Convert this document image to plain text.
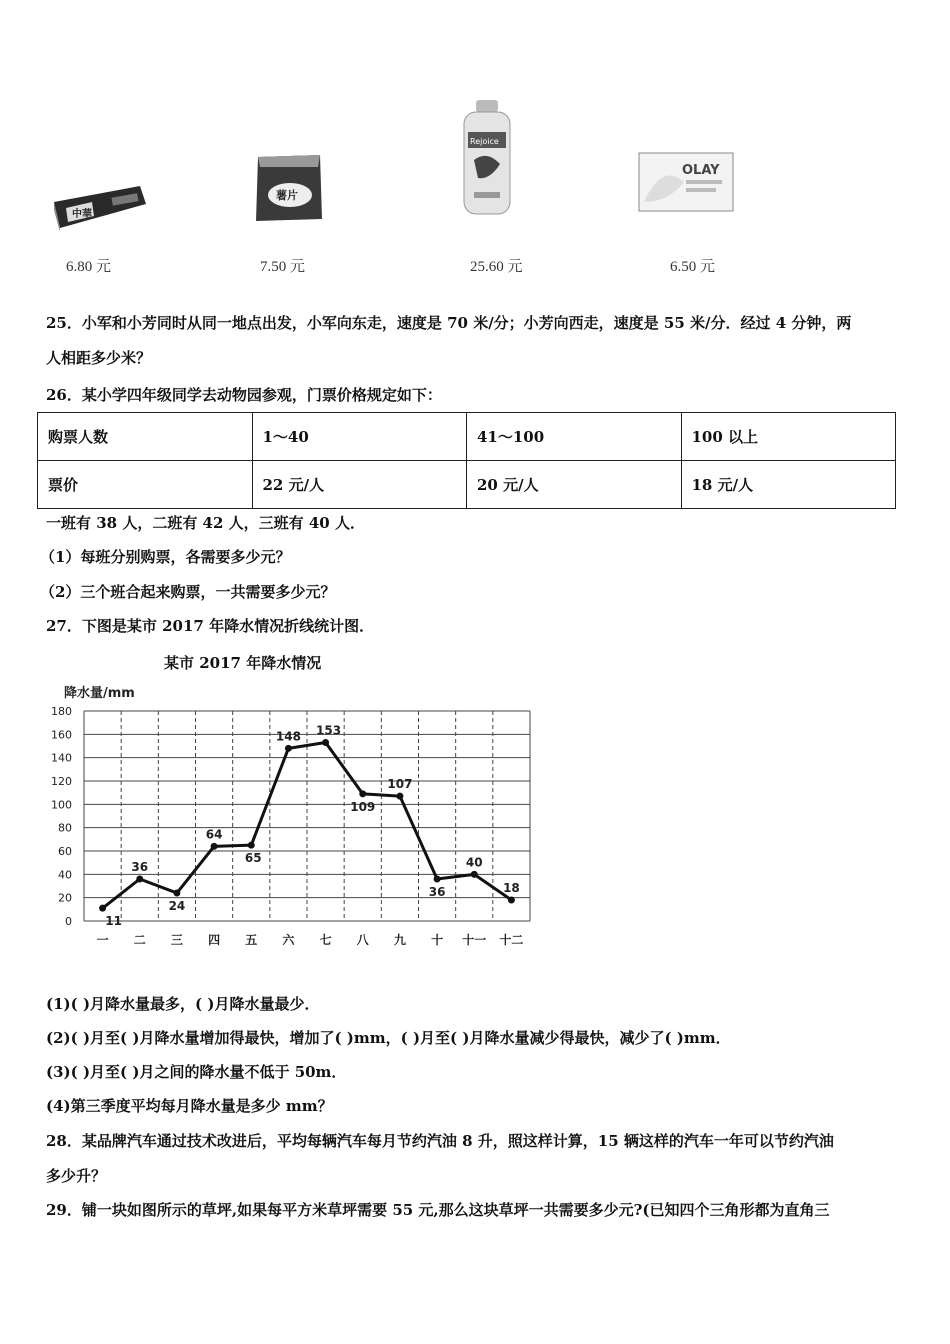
中華
薯片
Rejoice
OLAY
6.80 元	7.50 元	25.60 元	6.50 元
25．小军和小芳同时从同一地点出发，小军向东走，速度是 70 米/分；小芳向西走，速度是 55 米/分．经过 4 分钟，两
人相距多少米？
26．某小学四年级同学去动物园参观，门票价格规定如下：
购票人数	1～40	41～100	100 以上
票价	22 元/人	20 元/人	18 元/人
一班有 38 人，二班有 42 人，三班有 40 人．
（1）每班分别购票，各需要多少元？
（2）三个班合起来购票，一共需要多少元？
27．下图是某市 2017 年降水情况折线统计图．
某市 2017 年降水情况
降水量/mm
0
20
40
60
80
100
120
140
160
180
一 二 三 四 五 六 七 八 九 十 十一 十二
11
36
24
64
65
148 153
109
107
36
40
18
(1)( )月降水量最多，( )月降水量最少．
(2)( )月至( )月降水量增加得最快，增加了( )mm，( )月至( )月降水量减少得最快，减少了( )mm．
(3)( )月至( )月之间的降水量不低于 50m．
(4)第三季度平均每月降水量是多少 mm？
28．某品牌汽车通过技术改进后，平均每辆汽车每月节约汽油 8 升，照这样计算，15 辆这样的汽车一年可以节约汽油
多少升？
29．铺一块如图所示的草坪,如果每平方米草坪需要 55 元,那么这块草坪一共需要多少元?(已知四个三角形都为直角三
